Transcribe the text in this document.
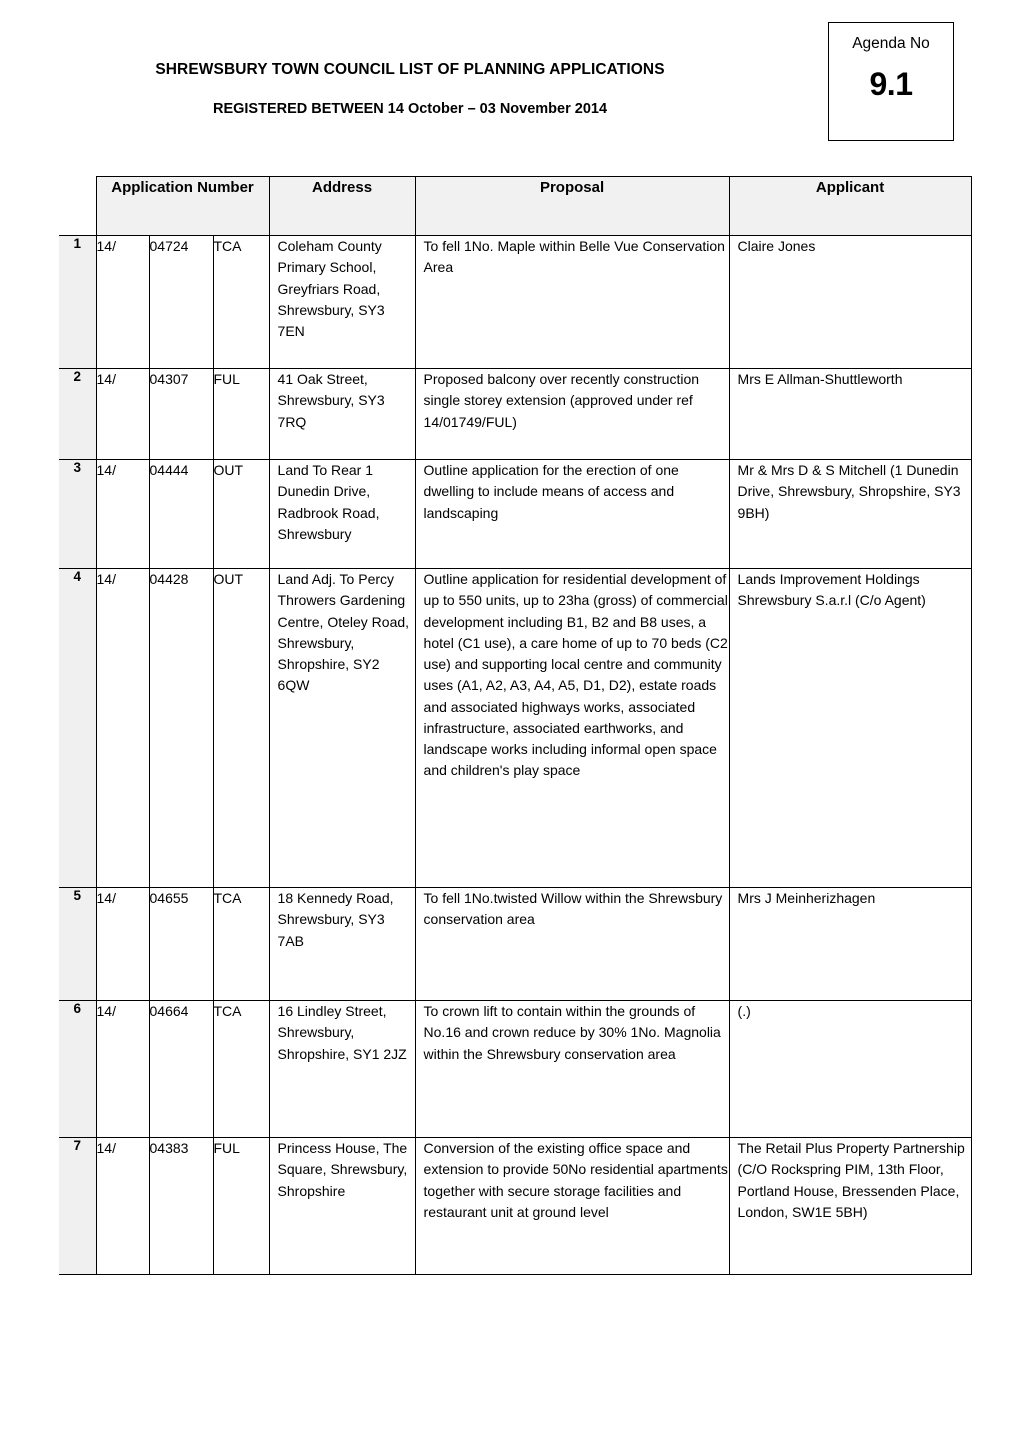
SHREWSBURY TOWN COUNCIL LIST OF PLANNING APPLICATIONS
REGISTERED BETWEEN 14 October – 03 November 2014
Agenda No
9.1
	Application Number			Address	Proposal	Applicant
1	14/	04724	TCA	Coleham County Primary School, Greyfriars Road, Shrewsbury, SY3 7EN	To fell 1No. Maple within Belle Vue Conservation Area	Claire Jones
2	14/	04307	FUL	41 Oak Street, Shrewsbury, SY3 7RQ	Proposed balcony over recently construction single storey extension (approved under ref 14/01749/FUL)	Mrs E Allman-Shuttleworth
3	14/	04444	OUT	Land To Rear 1 Dunedin Drive, Radbrook Road, Shrewsbury	Outline application for the erection of one dwelling to include means of access and landscaping	Mr & Mrs D & S Mitchell (1 Dunedin Drive, Shrewsbury, Shropshire, SY3 9BH)
4	14/	04428	OUT	Land Adj. To Percy Throwers Gardening Centre, Oteley Road, Shrewsbury, Shropshire, SY2 6QW	Outline application for residential development of up to 550 units, up to 23ha (gross) of commercial development including B1, B2 and B8 uses, a hotel (C1 use), a care home of up to 70 beds (C2 use) and supporting local centre and community uses (A1, A2, A3, A4, A5, D1, D2), estate roads and associated highways works, associated infrastructure, associated earthworks, and landscape works including informal open space and children's play space	Lands Improvement Holdings Shrewsbury S.a.r.l (C/o Agent)
5	14/	04655	TCA	18 Kennedy Road, Shrewsbury, SY3 7AB	To fell 1No.twisted Willow within the Shrewsbury conservation area	Mrs J Meinherizhagen
6	14/	04664	TCA	16 Lindley Street, Shrewsbury, Shropshire, SY1 2JZ	To crown lift to contain within the grounds of No.16 and crown reduce by 30% 1No. Magnolia within the Shrewsbury conservation area	(.)
7	14/	04383	FUL	Princess House, The Square, Shrewsbury, Shropshire	Conversion of the existing office space and extension to provide 50No residential apartments together with secure storage facilities and restaurant unit at ground level	The Retail Plus Property Partnership (C/O Rockspring PIM, 13th Floor, Portland House, Bressenden Place, London, SW1E 5BH)
